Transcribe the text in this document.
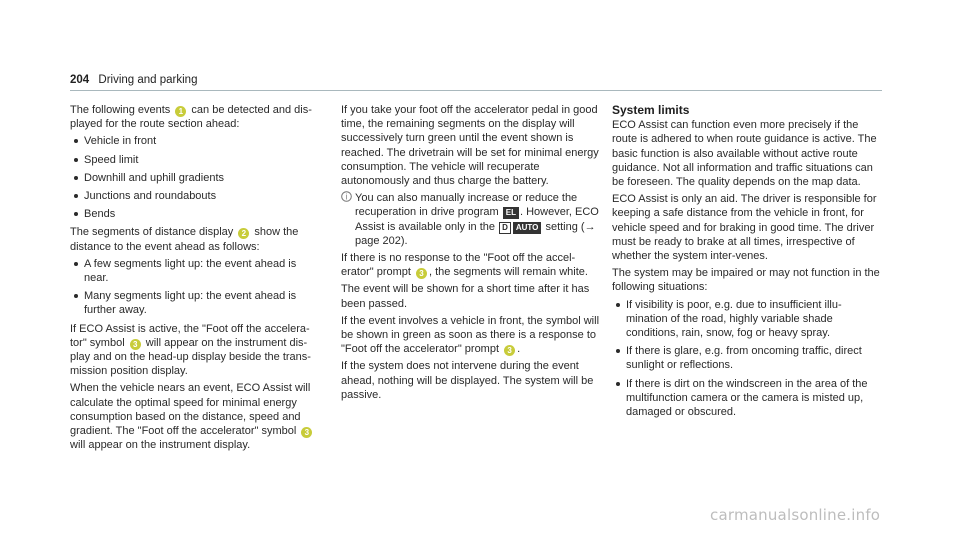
204 Driving and parking

The following events 1 can be detected and dis-played for the route section ahead:

Vehicle in front
Speed limit
Downhill and uphill gradients
Junctions and roundabouts
Bends

The segments of distance display 2 show the distance to the event ahead as follows:

A few segments light up: the event ahead is near.
Many segments light up: the event ahead is further away.

If ECO Assist is active, the "Foot off the accelera-tor" symbol 3 will appear on the instrument dis-play and on the head-up display beside the trans-mission position display.

When the vehicle nears an event, ECO Assist will calculate the optimal speed for minimal energy consumption based on the distance, speed and gradient. The "Foot off the accelerator" symbol 3 will appear on the instrument display.

If you take your foot off the accelerator pedal in good time, the remaining segments on the display will successively turn green until the event shown is reached. The drivetrain will be set for minimal energy consumption. The vehicle will recuperate autonomously and thus charge the battery.

i You can also manually increase or reduce the recuperation in drive program EL . However, ECO Assist is available only in the D AUTO setting (→ page 202).

If there is no response to the "Foot off the accel-erator" prompt 3 , the segments will remain white.

The event will be shown for a short time after it has been passed.

If the event involves a vehicle in front, the symbol will be shown in green as soon as there is a response to "Foot off the accelerator" prompt 3 .

If the system does not intervene during the event ahead, nothing will be displayed. The system will be passive.

System limits

ECO Assist can function even more precisely if the route is adhered to when route guidance is active. The basic function is also available without active route guidance. Not all information and traffic situations can be foreseen. The quality depends on the map data.

ECO Assist is only an aid. The driver is responsible for keeping a safe distance from the vehicle in front, for vehicle speed and for braking in good time. The driver must be ready to brake at all times, irrespective of whether the system inter-venes.

The system may be impaired or may not function in the following situations:

If visibility is poor, e.g. due to insufficient illu-mination of the road, highly variable shade conditions, rain, snow, fog or heavy spray.
If there is glare, e.g. from oncoming traffic, direct sunlight or reflections.
If there is dirt on the windscreen in the area of the multifunction camera or the camera is misted up, damaged or obscured.
carmanualsonline.info
